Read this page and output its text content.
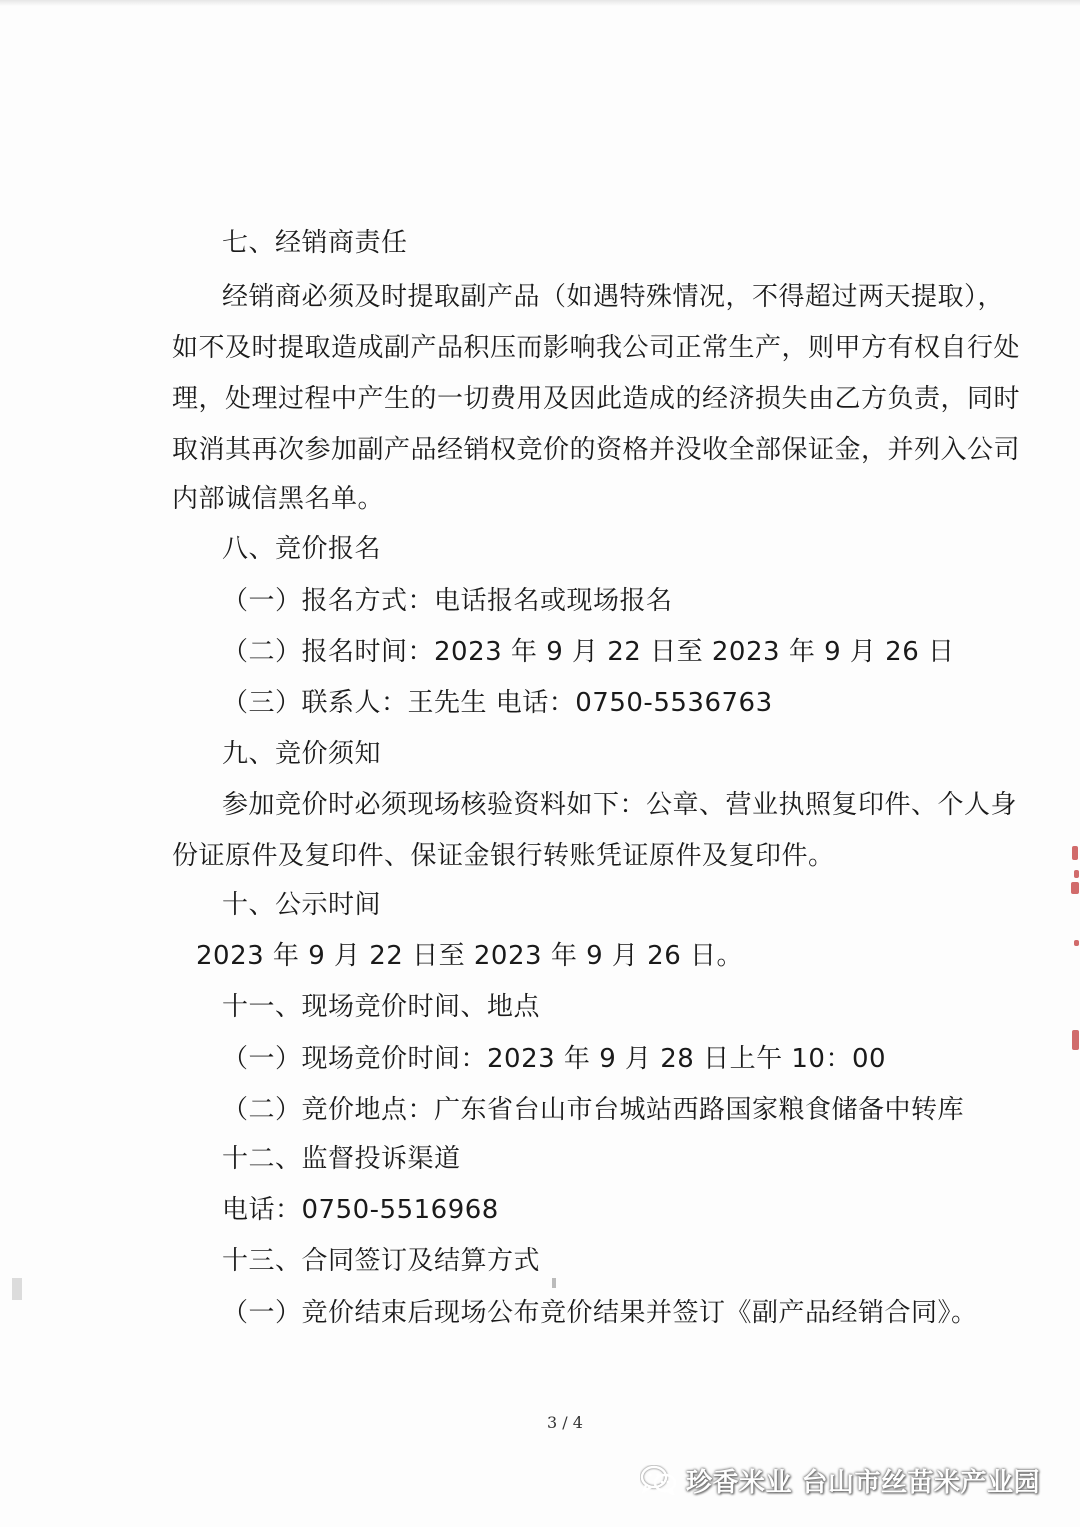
七、经销商责任
经销商必须及时提取副产品（如遇特殊情况，不得超过两天提取），
如不及时提取造成副产品积压而影响我公司正常生产，则甲方有权自行处
理，处理过程中产生的一切费用及因此造成的经济损失由乙方负责，同时
取消其再次参加副产品经销权竞价的资格并没收全部保证金，并列入公司
内部诚信黑名单。
八、竞价报名
（一）报名方式：电话报名或现场报名
（二）报名时间：2023 年 9 月 22 日至 2023 年 9 月 26 日
（三）联系人：王先生 电话：0750-5536763
九、竞价须知
参加竞价时必须现场核验资料如下：公章、营业执照复印件、个人身
份证原件及复印件、保证金银行转账凭证原件及复印件。
十、公示时间
2023 年 9 月 22 日至 2023 年 9 月 26 日。
十一、现场竞价时间、地点
（一）现场竞价时间：2023 年 9 月 28 日上午 10：00
（二）竞价地点：广东省台山市台城站西路国家粮食储备中转库
十二、监督投诉渠道
电话：0750-5516968
十三、合同签订及结算方式
（一）竞价结束后现场公布竞价结果并签订《副产品经销合同》。
3 / 4
珍香米业 台山市丝苗米产业园
